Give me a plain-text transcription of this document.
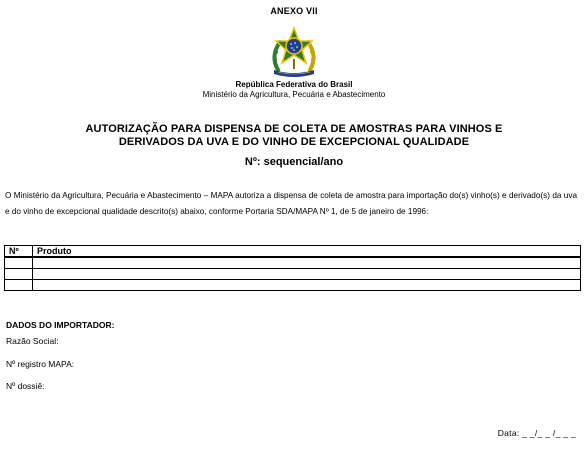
ANEXO VII
República Federativa do Brasil
Ministério da Agricultura, Pecuária e Abastecimento
AUTORIZAÇÃO PARA DISPENSA DE COLETA DE AMOSTRAS PARA VINHOS E
DERIVADOS DA UVA E DO VINHO DE EXCEPCIONAL QUALIDADE
Nº: sequencial/ano
O Ministério da Agricultura, Pecuária e Abastecimento – MAPA autoriza a dispensa de coleta de amostra para importação do(s) vinho(s) e derivado(s) da uva e do vinho de excepcional qualidade descrito(s) abaixo, conforme Portaria SDA/MAPA Nº 1, de 5 de janeiro de 1996:
Nº	Produto

DADOS DO IMPORTADOR:
Razão Social:
Nº registro MAPA:
Nº dossiê:
Data: _ _/_ _ /_ _ _
